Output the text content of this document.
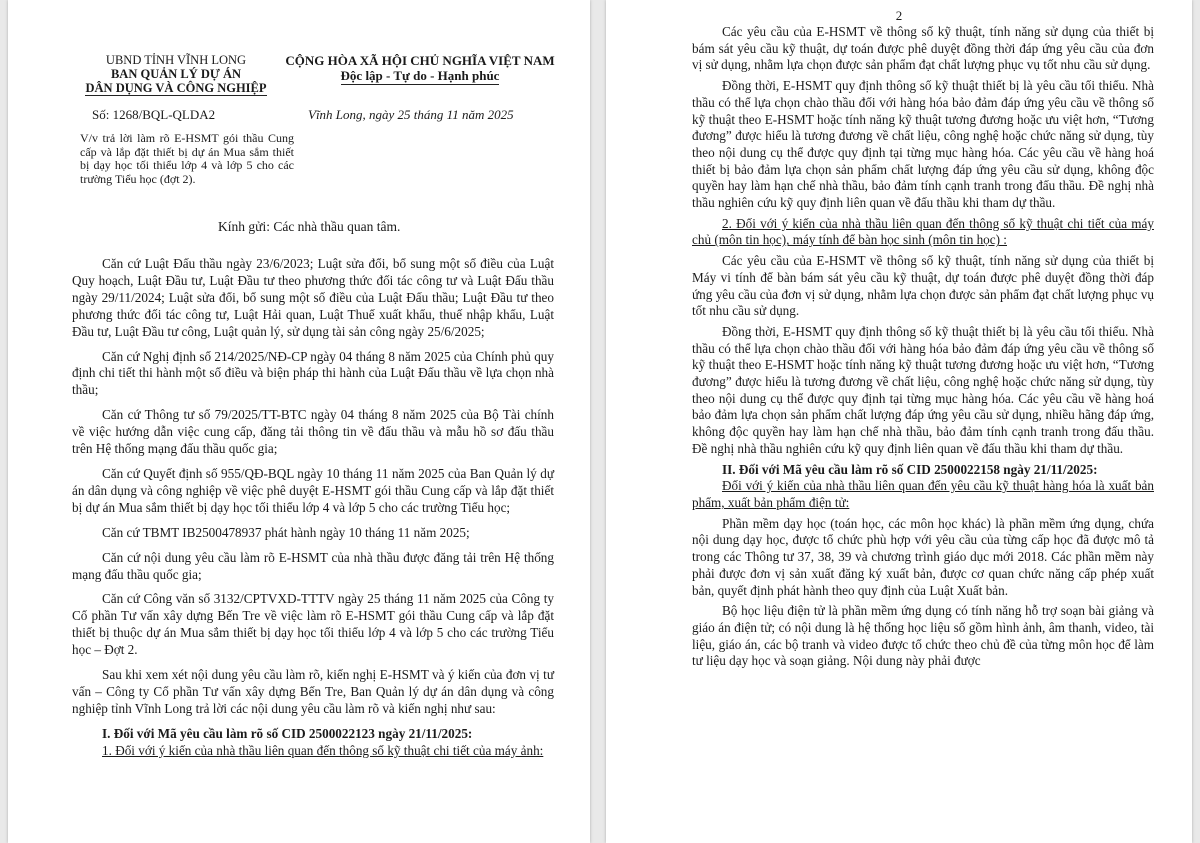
UBND TỈNH VĨNH LONG
BAN QUẢN LÝ DỰ ÁN
DÂN DỤNG VÀ CÔNG NGHIỆP
CỘNG HÒA XÃ HỘI CHỦ NGHĨA VIỆT NAM
Độc lập - Tự do - Hạnh phúc
Số: 1268/BQL-QLDA2	Vĩnh Long, ngày 25 tháng 11 năm 2025
V/v trả lời làm rõ E-HSMT gói thầu Cung cấp và lắp đặt thiết bị dự án Mua sắm thiết bị dạy học tối thiểu lớp 4 và lớp 5 cho các trường Tiểu học (đợt 2).
Kính gửi: Các nhà thầu quan tâm.

Căn cứ Luật Đấu thầu ngày 23/6/2023; Luật sửa đổi, bổ sung một số điều của Luật Quy hoạch, Luật Đầu tư, Luật Đầu tư theo phương thức đối tác công tư và Luật Đấu thầu ngày 29/11/2024; Luật sửa đổi, bổ sung một số điều của Luật Đấu thầu; Luật Đầu tư theo phương thức đối tác công tư, Luật Hải quan, Luật Thuế xuất khẩu, thuế nhập khẩu, Luật Đầu tư, Luật Đầu tư công, Luật quản lý, sử dụng tài sản công ngày 25/6/2025;

Căn cứ Nghị định số 214/2025/NĐ-CP ngày 04 tháng 8 năm 2025 của Chính phủ quy định chi tiết thi hành một số điều và biện pháp thi hành của Luật Đấu thầu về lựa chọn nhà thầu;

Căn cứ Thông tư số 79/2025/TT-BTC ngày 04 tháng 8 năm 2025 của Bộ Tài chính về việc hướng dẫn việc cung cấp, đăng tải thông tin về đấu thầu và mẫu hồ sơ đấu thầu trên Hệ thống mạng đấu thầu quốc gia;

Căn cứ Quyết định số 955/QĐ-BQL ngày 10 tháng 11 năm 2025 của Ban Quản lý dự án dân dụng và công nghiệp về việc phê duyệt E-HSMT gói thầu Cung cấp và lắp đặt thiết bị dự án Mua sắm thiết bị dạy học tối thiểu lớp 4 và lớp 5 cho các trường Tiểu học;

Căn cứ TBMT IB2500478937 phát hành ngày 10 tháng 11 năm 2025;

Căn cứ nội dung yêu cầu làm rõ E-HSMT của nhà thầu được đăng tải trên Hệ thống mạng đấu thầu quốc gia;

Căn cứ Công văn số 3132/CPTVXD-TTTV ngày 25 tháng 11 năm 2025 của Công ty Cổ phần Tư vấn xây dựng Bến Tre về việc làm rõ E-HSMT gói thầu Cung cấp và lắp đặt thiết bị thuộc dự án Mua sắm thiết bị dạy học tối thiểu lớp 4 và lớp 5 cho các trường Tiểu học – Đợt 2.

Sau khi xem xét nội dung yêu cầu làm rõ, kiến nghị E-HSMT và ý kiến của đơn vị tư vấn – Công ty Cổ phần Tư vấn xây dựng Bến Tre, Ban Quản lý dự án dân dụng và công nghiệp tỉnh Vĩnh Long trả lời các nội dung yêu cầu làm rõ và kiến nghị như sau:

I. Đối với Mã yêu cầu làm rõ số CID 2500022123 ngày 21/11/2025:

1. Đối với ý kiến của nhà thầu liên quan đến thông số kỹ thuật chi tiết của máy ảnh:

2

Các yêu cầu của E-HSMT về thông số kỹ thuật, tính năng sử dụng của thiết bị bám sát yêu cầu kỹ thuật, dự toán được phê duyệt đồng thời đáp ứng yêu cầu của đơn vị sử dụng, nhằm lựa chọn được sản phẩm đạt chất lượng phục vụ tốt nhu cầu sử dụng.

Đồng thời, E-HSMT quy định thông số kỹ thuật thiết bị là yêu cầu tối thiểu. Nhà thầu có thể lựa chọn chào thầu đối với hàng hóa bảo đảm đáp ứng yêu cầu về thông số kỹ thuật theo E-HSMT hoặc tính năng kỹ thuật tương đương hoặc ưu việt hơn, “Tương đương” được hiểu là tương đương về chất liệu, công nghệ hoặc chức năng sử dụng, tùy theo nội dung cụ thể được quy định tại từng mục hàng hóa. Các yêu cầu về hàng hoá thiết bị bảo đảm lựa chọn sản phẩm chất lượng đáp ứng yêu cầu sử dụng, không độc quyền hay làm hạn chế nhà thầu, bảo đảm tính cạnh tranh trong đấu thầu. Đề nghị nhà thầu nghiên cứu kỹ quy định liên quan về đấu thầu khi tham dự thầu.

2. Đối với ý kiến của nhà thầu liên quan đến thông số kỹ thuật chi tiết của máy chủ (môn tin học), máy tính để bàn học sinh (môn tin học) :

Các yêu cầu của E-HSMT về thông số kỹ thuật, tính năng sử dụng của thiết bị Máy vi tính để bàn bám sát yêu cầu kỹ thuật, dự toán được phê duyệt đồng thời đáp ứng yêu cầu của đơn vị sử dụng, nhằm lựa chọn được sản phẩm đạt chất lượng phục vụ tốt nhu cầu sử dụng.

Đồng thời, E-HSMT quy định thông số kỹ thuật thiết bị là yêu cầu tối thiểu. Nhà thầu có thể lựa chọn chào thầu đối với hàng hóa bảo đảm đáp ứng yêu cầu về thông số kỹ thuật theo E-HSMT hoặc tính năng kỹ thuật tương đương hoặc ưu việt hơn, “Tương đương” được hiểu là tương đương về chất liệu, công nghệ hoặc chức năng sử dụng, tùy theo nội dung cụ thể được quy định tại từng mục hàng hóa. Các yêu cầu về hàng hoá bảo đảm lựa chọn sản phẩm chất lượng đáp ứng yêu cầu sử dụng, nhiều hãng đáp ứng, không độc quyền hay làm hạn chế nhà thầu, bảo đảm tính cạnh tranh trong đấu thầu. Đề nghị nhà thầu nghiên cứu kỹ quy định liên quan về đấu thầu khi tham dự thầu.

II. Đối với Mã yêu cầu làm rõ số CID 2500022158 ngày 21/11/2025:

Đối với ý kiến của nhà thầu liên quan đến yêu cầu kỹ thuật hàng hóa là xuất bản phẩm, xuất bản phẩm điện tử:

Phần mềm dạy học (toán học, các môn học khác) là phần mềm ứng dụng, chứa nội dung dạy học, được tổ chức phù hợp với yêu cầu của từng cấp học đã được mô tả trong các Thông tư 37, 38, 39 và chương trình giáo dục mới 2018. Các phần mềm này phải được đơn vị sản xuất đăng ký xuất bản, được cơ quan chức năng cấp phép xuất bản, quyết định phát hành theo quy định của Luật Xuất bản.

Bộ học liệu điện tử là phần mềm ứng dụng có tính năng hỗ trợ soạn bài giảng và giáo án điện tử; có nội dung là hệ thống học liệu số gồm hình ảnh, âm thanh, video, tài liệu, giáo án, các bộ tranh và video được tổ chức theo chủ đề của từng môn học để làm tư liệu dạy học và soạn giảng. Nội dung này phải được
